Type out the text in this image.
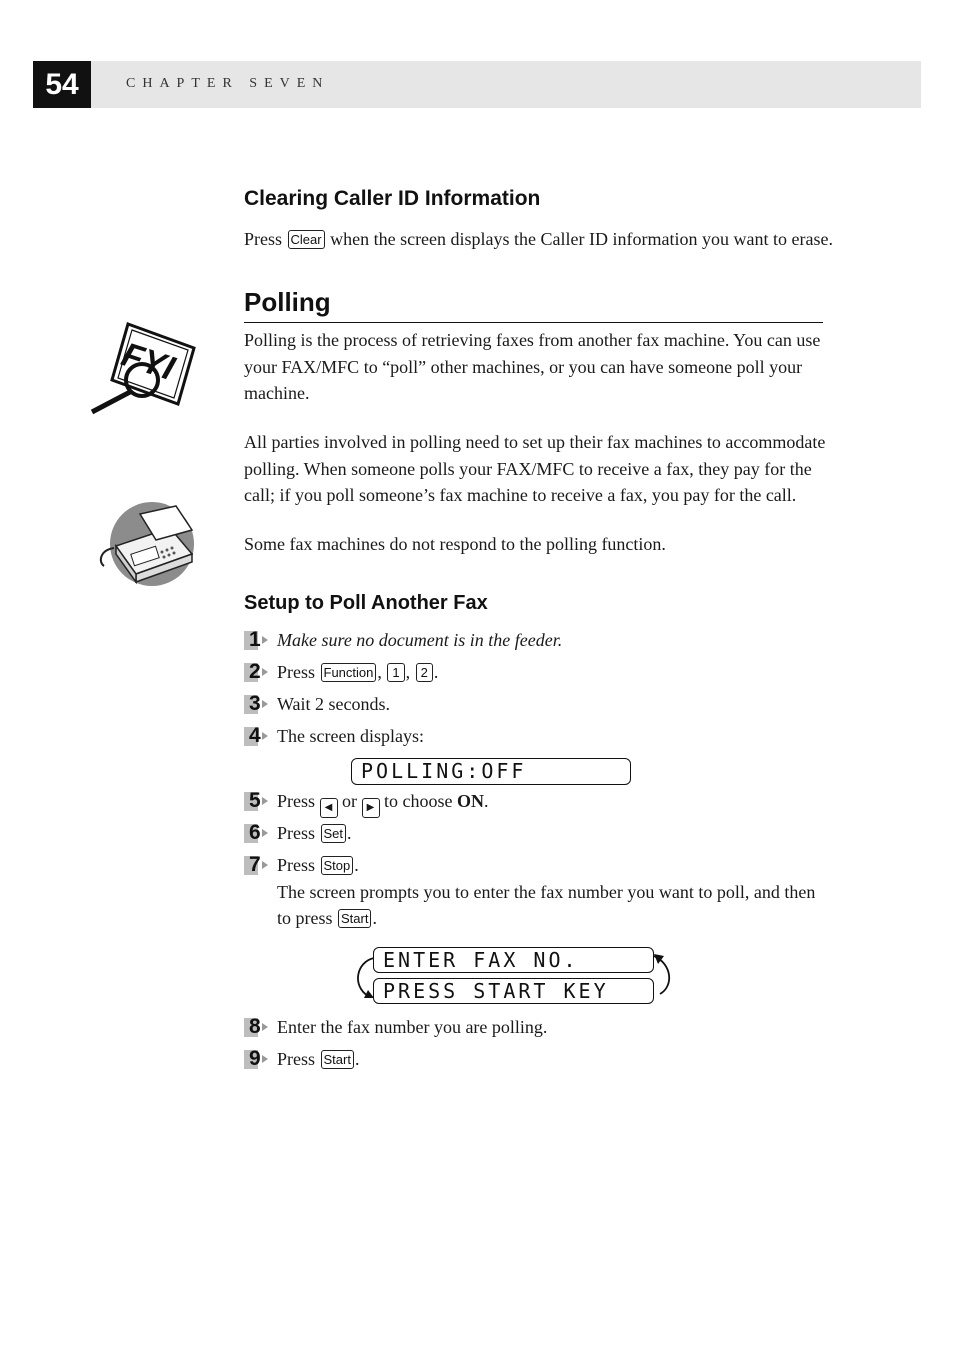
54	CHAPTER SEVEN
Clearing Caller ID Information
Press Clear when the screen displays the Caller ID information you want to erase.
Polling
FYI	Polling is the process of retrieving faxes from another fax machine. You can use your FAX/MFC to “poll” other machines, or you can have someone poll your machine.
All parties involved in polling need to set up their fax machines to accommodate polling. When someone polls your FAX/MFC to receive a fax, they pay for the call; if you poll someone’s fax machine to receive a fax, you pay for the call.
Some fax machines do not respond to the polling function.
Setup to Poll Another Fax
1 Make sure no document is in the feeder.
2 Press Function , 1 , 2 .
3 Wait 2 seconds.
4 The screen displays:
POLLING:OFF
5 Press ◀ or ▶ to choose ON.
6 Press Set .
7 Press Stop .
The screen prompts you to enter the fax number you want to poll, and then to press Start .
ENTER FAX NO.
PRESS START KEY
8 Enter the fax number you are polling.
9 Press Start .
